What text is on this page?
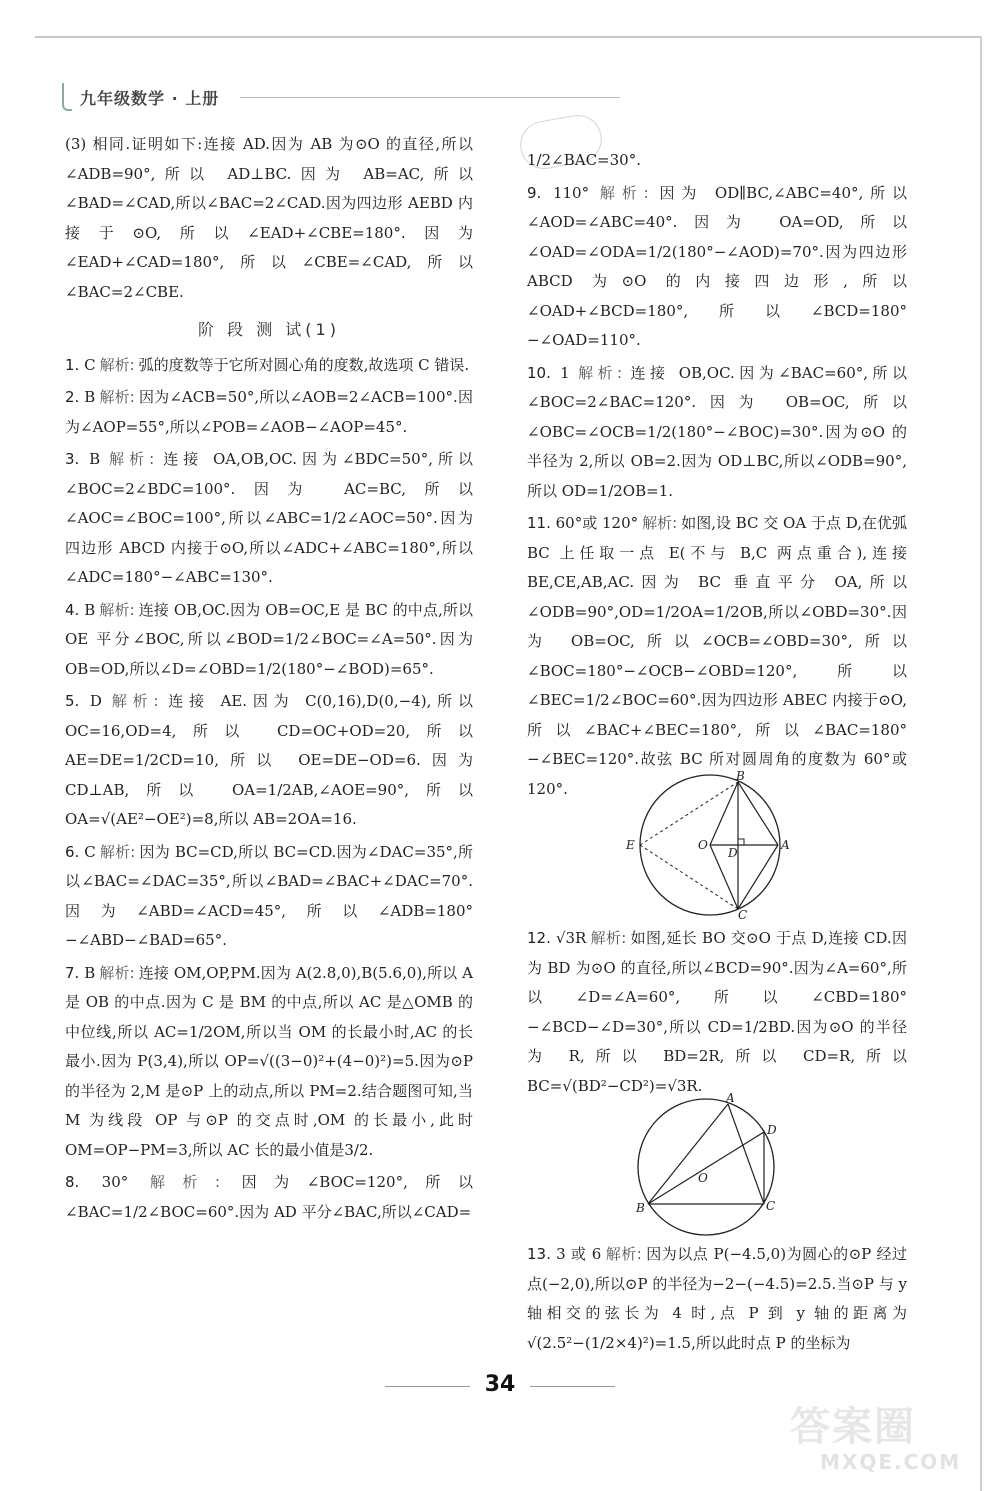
九年级数学 · 上册

(3) 相同.证明如下:连接 AD.因为 AB 为⊙O 的直径,所以∠ADB=90°,所以 AD⊥BC.因为 AB=AC,所以∠BAD=∠CAD,所以∠BAC=2∠CAD.因为四边形 AEBD 内接于⊙O,所以∠EAD+∠CBE=180°.因为∠EAD+∠CAD=180°,所以∠CBE=∠CAD,所以∠BAC=2∠CBE.

阶 段 测 试(1)

1. C 解析: 弧的度数等于它所对圆心角的度数,故选项 C 错误.

2. B 解析: 因为∠ACB=50°,所以∠AOB=2∠ACB=100°.因为∠AOP=55°,所以∠POB=∠AOB−∠AOP=45°.

3. B 解析: 连接 OA,OB,OC.因为∠BDC=50°,所以∠BOC=2∠BDC=100°.因为 AC=BC,所以∠AOC=∠BOC=100°,所以∠ABC=1/2∠AOC=50°.因为四边形 ABCD 内接于⊙O,所以∠ADC+∠ABC=180°,所以∠ADC=180°−∠ABC=130°.

4. B 解析: 连接 OB,OC.因为 OB=OC,E 是 BC 的中点,所以 OE 平分∠BOC,所以∠BOD=1/2∠BOC=∠A=50°.因为 OB=OD,所以∠D=∠OBD=1/2(180°−∠BOD)=65°.

5. D 解析: 连接 AE.因为 C(0,16),D(0,−4),所以 OC=16,OD=4,所以 CD=OC+OD=20,所以 AE=DE=1/2CD=10,所以 OE=DE−OD=6.因为 CD⊥AB,所以 OA=1/2AB,∠AOE=90°,所以 OA=√(AE²−OE²)=8,所以 AB=2OA=16.

6. C 解析: 因为 BC=CD,所以 BC=CD.因为∠DAC=35°,所以∠BAC=∠DAC=35°,所以∠BAD=∠BAC+∠DAC=70°.因为∠ABD=∠ACD=45°,所以∠ADB=180°−∠ABD−∠BAD=65°.

7. B 解析: 连接 OM,OP,PM.因为 A(2.8,0),B(5.6,0),所以 A 是 OB 的中点.因为 C 是 BM 的中点,所以 AC 是△OMB 的中位线,所以 AC=1/2OM,所以当 OM 的长最小时,AC 的长最小.因为 P(3,4),所以 OP=√((3−0)²+(4−0)²)=5.因为⊙P 的半径为 2,M 是⊙P 上的动点,所以 PM=2.结合题图可知,当 M 为线段 OP 与⊙P 的交点时,OM 的长最小,此时 OM=OP−PM=3,所以 AC 长的最小值是3/2.

8. 30° 解析: 因为∠BOC=120°,所以∠BAC=1/2∠BOC=60°.因为 AD 平分∠BAC,所以∠CAD=

1/2∠BAC=30°.

9. 110° 解析: 因为 OD∥BC,∠ABC=40°,所以∠AOD=∠ABC=40°.因为 OA=OD,所以∠OAD=∠ODA=1/2(180°−∠AOD)=70°.因为四边形 ABCD 为⊙O 的内接四边形,所以∠OAD+∠BCD=180°,所以∠BCD=180°−∠OAD=110°.

10. 1 解析: 连接 OB,OC.因为∠BAC=60°,所以∠BOC=2∠BAC=120°.因为 OB=OC,所以∠OBC=∠OCB=1/2(180°−∠BOC)=30°.因为⊙O 的半径为 2,所以 OB=2.因为 OD⊥BC,所以∠ODB=90°,所以 OD=1/2OB=1.

11. 60°或 120° 解析: 如图,设 BC 交 OA 于点 D,在优弧 BC 上任取一点 E(不与 B,C 两点重合),连接 BE,CE,AB,AC.因为 BC 垂直平分 OA,所以∠ODB=90°,OD=1/2OA=1/2OB,所以∠OBD=30°.因为 OB=OC,所以∠OCB=∠OBD=30°,所以∠BOC=180°−∠OCB−∠OBD=120°,所以∠BEC=1/2∠BOC=60°.因为四边形 ABEC 内接于⊙O,所以∠BAC+∠BEC=180°,所以∠BAC=180°−∠BEC=120°.故弦 BC 所对圆周角的度数为 60°或 120°.

B
E	O
D
A
C

12. √3R 解析: 如图,延长 BO 交⊙O 于点 D,连接 CD.因为 BD 为⊙O 的直径,所以∠BCD=90°.因为∠A=60°,所以∠D=∠A=60°,所以∠CBD=180°−∠BCD−∠D=30°,所以 CD=1/2BD.因为⊙O 的半径为 R,所以 BD=2R,所以 CD=R,所以 BC=√(BD²−CD²)=√3R.

A
D
O
B	C

13. 3 或 6 解析: 因为以点 P(−4.5,0)为圆心的⊙P 经过点(−2,0),所以⊙P 的半径为−2−(−4.5)=2.5.当⊙P 与 y 轴相交的弦长为 4 时,点 P 到 y 轴的距离为√(2.5²−(1/2×4)²)=1.5,所以此时点 P 的坐标为

34
答案圈
MXQE.COM
